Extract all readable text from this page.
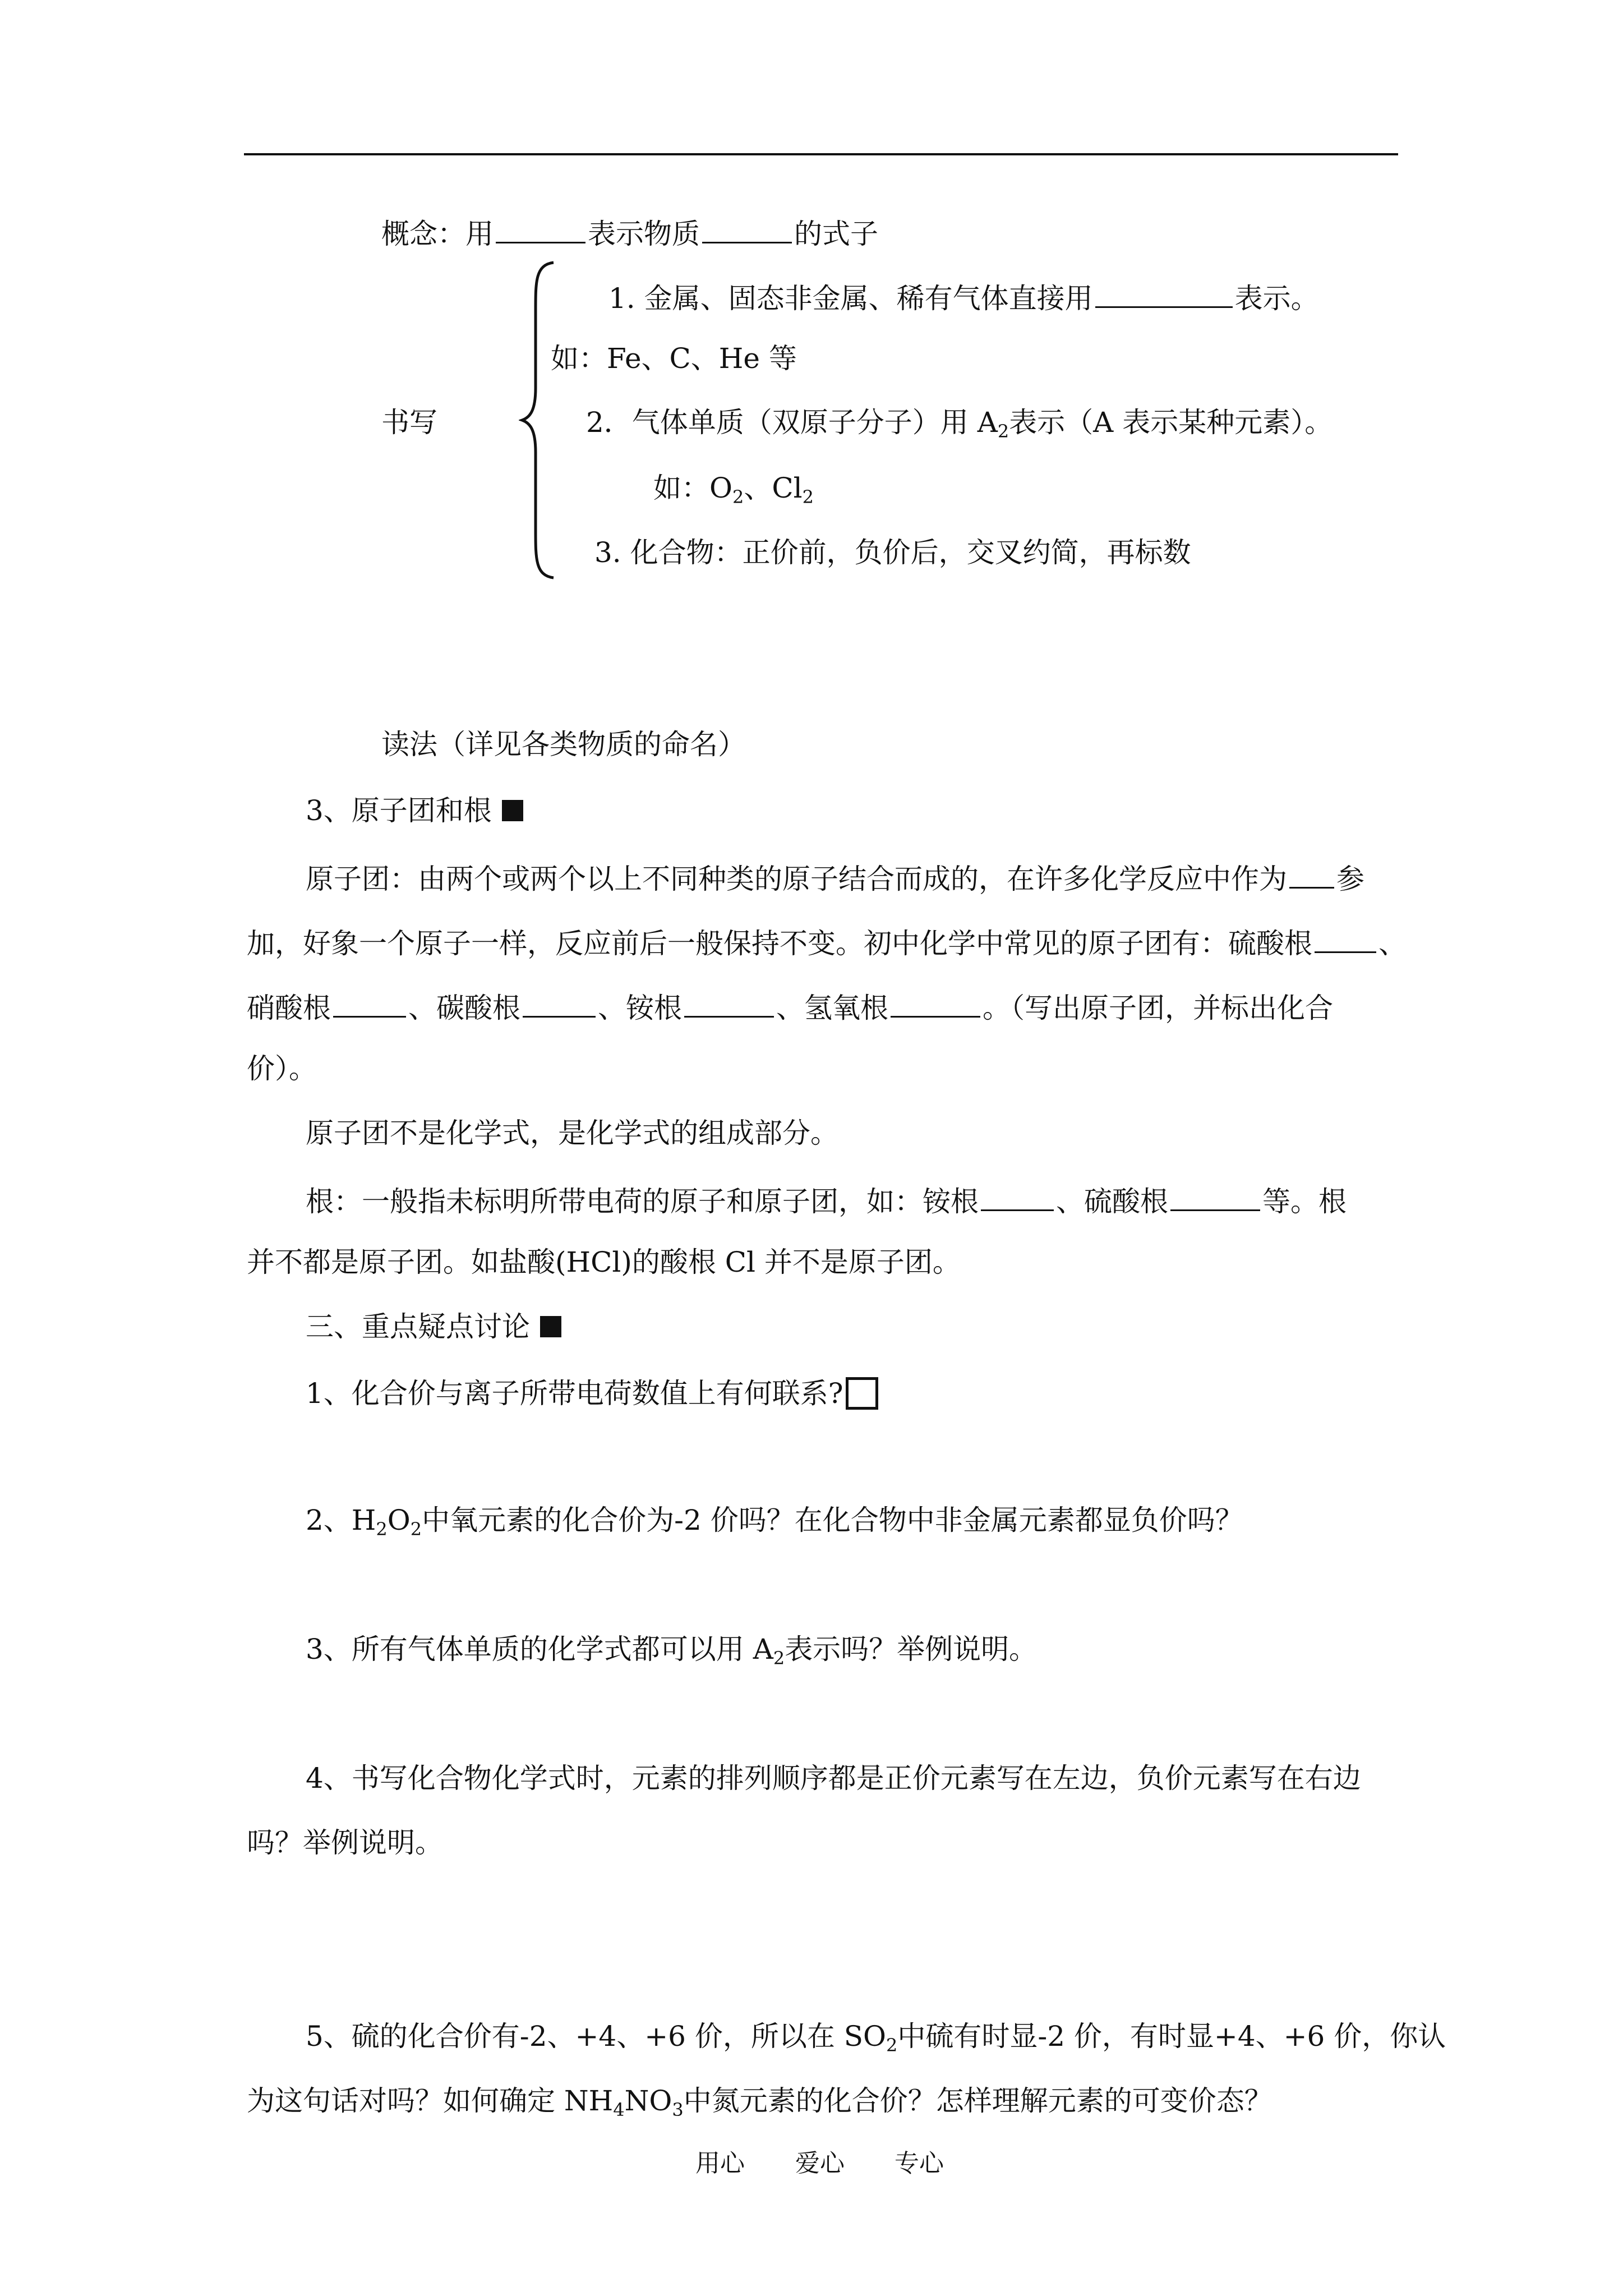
概念：用	表示物质	的式子
书写
1. 金属、固态非金属、稀有气体直接用	表示。
如：Fe、C、He 等
2．气体单质（双原子分子）用 $A_2$表示（A 表示某种元素）。
如：$O_2$、$Cl_2$
3. 化合物：正价前，负价后，交叉约简，再标数
读法（详见各类物质的命名）
3、原子团和根
原子团：由两个或两个以上不同种类的原子结合而成的，在许多化学反应中作为 参
加，好象一个原子一样，反应前后一般保持不变。初中化学中常见的原子团有：硫酸根 、
硝酸根	、碳酸根	、铵根	、氢氧根	。（写出原子团，并标出化合
价）。
原子团不是化学式，是化学式的组成部分。
根：一般指未标明所带电荷的原子和原子团，如：铵根	、硫酸根	等。根
并不都是原子团。如盐酸(HCl)的酸根 Cl 并不是原子团。
三、重点疑点讨论
1、化合价与离子所带电荷数值上有何联系?
2、$H_2O_2$中氧元素的化合价为-2 价吗？在化合物中非金属元素都显负价吗？
3、所有气体单质的化学式都可以用 $A_2$表示吗？举例说明。
4、书写化合物化学式时，元素的排列顺序都是正价元素写在左边，负价元素写在右边
吗？举例说明。
5、硫的化合价有-2、+4、+6 价，所以在 $SO_2$中硫有时显-2 价，有时显+4、+6 价，你认
为这句话对吗？如何确定 $NH_4NO_3$中氮元素的化合价？怎样理解元素的可变价态？
用心 爱心 专心
